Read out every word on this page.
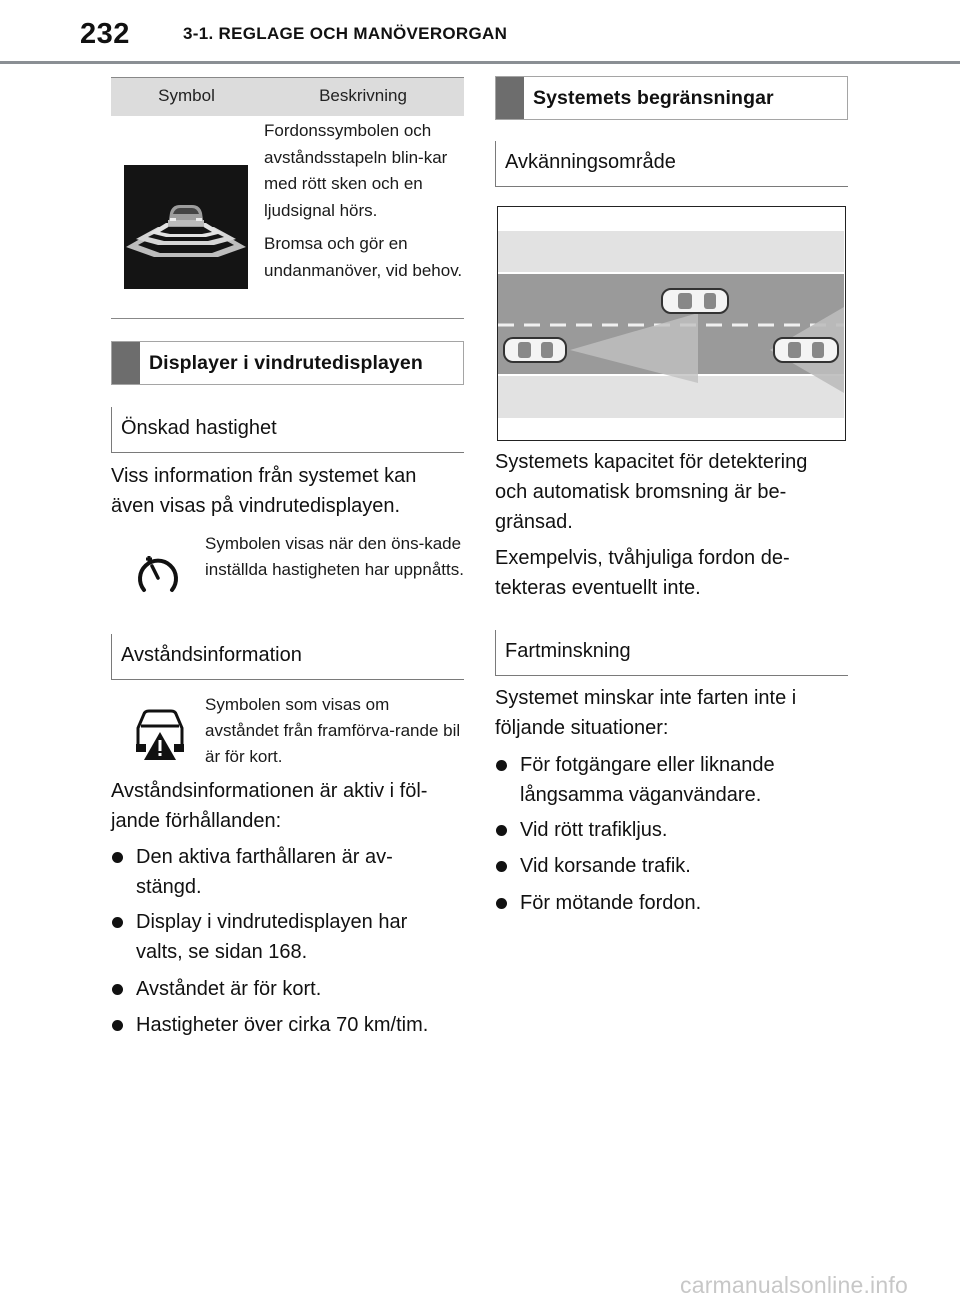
232	3-1. REGLAGE OCH MANÖVERORGAN
Symbol	Beskrivning
Fordonssymbolen och avståndsstapeln blin-kar med rött sken och en ljudsignal hörs.
Bromsa och gör en undanmanöver, vid behov.
Displayer i vindrutedisplayen
Önskad hastighet
Viss information från systemet kan även visas på vindrutedisplayen.
Symbolen visas när den öns-kade inställda hastigheten har uppnåtts.
Avståndsinformation
Symbolen som visas om avståndet från framförva-rande bil är för kort.
Avståndsinformationen är aktiv i föl-jande förhållanden:
Den aktiva farthållaren är av-stängd.
Display i vindrutedisplayen har valts, se sidan 168.
Avståndet är för kort.
Hastigheter över cirka 70 km/tim.
Systemets begränsningar
Avkänningsområde
Systemets kapacitet för detektering och automatisk bromsning är be-gränsad.
Exempelvis, tvåhjuliga fordon de-tekteras eventuellt inte.
Fartminskning
Systemet minskar inte farten inte i följande situationer:
För fotgängare eller liknande långsamma väganvändare.
Vid rött trafikljus.
Vid korsande trafik.
För mötande fordon.
carmanualsonline.info
